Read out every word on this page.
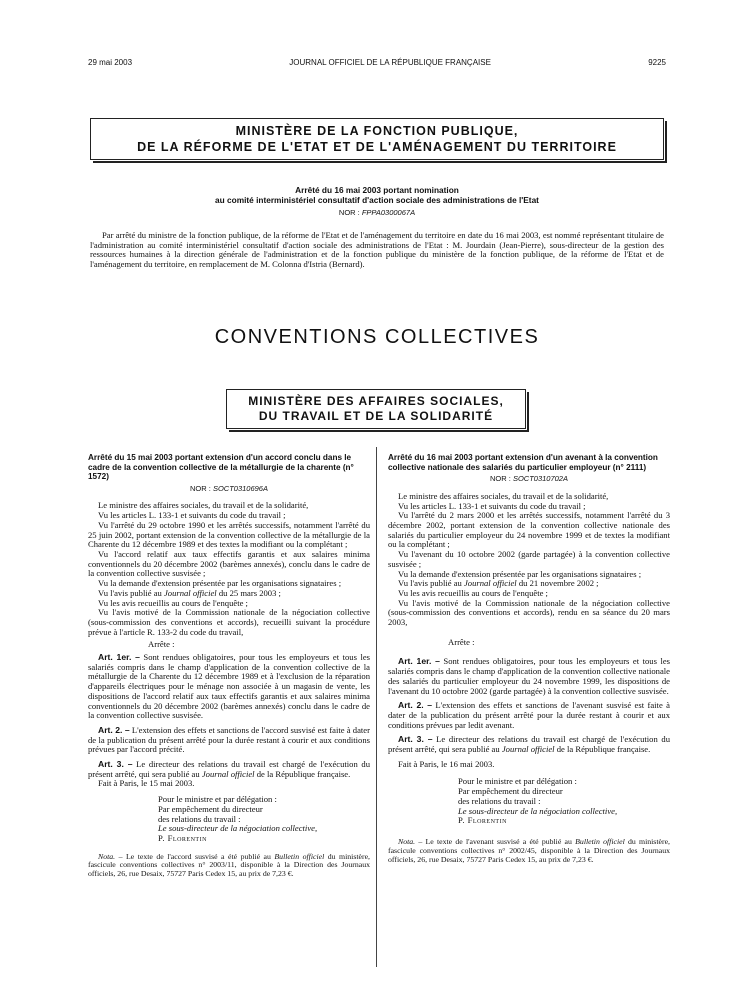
29 mai 2003	JOURNAL OFFICIEL DE LA RÉPUBLIQUE FRANÇAISE	9225
MINISTÈRE DE LA FONCTION PUBLIQUE,
DE LA RÉFORME DE L'ETAT ET DE L'AMÉNAGEMENT DU TERRITOIRE
Arrêté du 16 mai 2003 portant nomination
au comité interministériel consultatif d'action sociale des administrations de l'Etat
NOR : FPPA0300067A

Par arrêté du ministre de la fonction publique, de la réforme de l'Etat et de l'aménagement du territoire en date du 16 mai 2003, est nommé représentant titulaire de l'administration au comité interministériel consultatif d'action sociale des administrations de l'Etat : M. Jourdain (Jean-Pierre), sous-directeur de la gestion des ressources humaines à la direction générale de l'administration et de la fonction publique du ministère de la fonction publique, de la réforme de l'Etat et de l'aménagement du territoire, en remplacement de M. Colonna d'Istria (Bernard).

CONVENTIONS COLLECTIVES
MINISTÈRE DES AFFAIRES SOCIALES,
DU TRAVAIL ET DE LA SOLIDARITÉ
Arrêté du 15 mai 2003 portant extension d'un accord conclu dans le cadre de la convention collective de la métallurgie de la charente (n° 1572)
NOR : SOCT0310696A

Le ministre des affaires sociales, du travail et de la solidarité,

Vu les articles L. 133-1 et suivants du code du travail ;

Vu l'arrêté du 29 octobre 1990 et les arrêtés successifs, notamment l'arrêté du 25 juin 2002, portant extension de la convention collective de la métallurgie de la Charente du 12 décembre 1989 et des textes la modifiant ou la complétant ;

Vu l'accord relatif aux taux effectifs garantis et aux salaires minima conventionnels du 20 décembre 2002 (barèmes annexés), conclu dans le cadre de la convention collective susvisée ;

Vu la demande d'extension présentée par les organisations signataires ;

Vu l'avis publié au Journal officiel du 25 mars 2003 ;

Vu les avis recueillis au cours de l'enquête ;

Vu l'avis motivé de la Commission nationale de la négociation collective (sous-commission des conventions et accords), recueilli suivant la procédure prévue à l'article R. 133-2 du code du travail,

Arrête :

Art. 1er. – Sont rendues obligatoires, pour tous les employeurs et tous les salariés compris dans le champ d'application de la convention collective de la métallurgie de la Charente du 12 décembre 1989 et à l'exclusion de la réparation d'appareils électriques pour le ménage non associée à un magasin de vente, les dispositions de l'accord relatif aux taux effectifs garantis et aux salaires minima conventionnels du 20 décembre 2002 (barèmes annexés) conclu dans le cadre de la convention collective susvisée.

Art. 2. – L'extension des effets et sanctions de l'accord susvisé est faite à dater de la publication du présent arrêté pour la durée restant à courir et aux conditions prévues par l'accord précité.

Art. 3. – Le directeur des relations du travail est chargé de l'exécution du présent arrêté, qui sera publié au Journal officiel de la République française.

Fait à Paris, le 15 mai 2003.

Pour le ministre et par délégation :

Par empêchement du directeur

des relations du travail :

Le sous-directeur de la négociation collective,

P. Florentin

Nota. – Le texte de l'accord susvisé a été publié au Bulletin officiel du ministère, fascicule conventions collectives n° 2003/11, disponible à la Direction des Journaux officiels, 26, rue Desaix, 75727 Paris Cedex 15, au prix de 7,23 €.

Arrêté du 16 mai 2003 portant extension d'un avenant à la convention collective nationale des salariés du particulier employeur (n° 2111)
NOR : SOCT0310702A

Le ministre des affaires sociales, du travail et de la solidarité,

Vu les articles L. 133-1 et suivants du code du travail ;

Vu l'arrêté du 2 mars 2000 et les arrêtés successifs, notamment l'arrêté du 3 décembre 2002, portant extension de la convention collective nationale des salariés du particulier employeur du 24 novembre 1999 et de textes la modifiant ou la complétant ;

Vu l'avenant du 10 octobre 2002 (garde partagée) à la convention collective susvisée ;

Vu la demande d'extension présentée par les organisations signataires ;

Vu l'avis publié au Journal officiel du 21 novembre 2002 ;

Vu les avis recueillis au cours de l'enquête ;

Vu l'avis motivé de la Commission nationale de la négociation collective (sous-commission des conventions et accords), rendu en sa séance du 20 mars 2003,

Arrête :

Art. 1er. – Sont rendues obligatoires, pour tous les employeurs et tous les salariés compris dans le champ d'application de la convention collective nationale des salariés du particulier employeur du 24 novembre 1999, les dispositions de l'avenant du 10 octobre 2002 (garde partagée) à la convention collective susvisée.

Art. 2. – L'extension des effets et sanctions de l'avenant susvisé est faite à dater de la publication du présent arrêté pour la durée restant à courir et aux conditions prévues par ledit avenant.

Art. 3. – Le directeur des relations du travail est chargé de l'exécution du présent arrêté, qui sera publié au Journal officiel de la République française.

Fait à Paris, le 16 mai 2003.

Pour le ministre et par délégation :

Par empêchement du directeur

des relations du travail :

Le sous-directeur de la négociation collective,

P. Florentin

Nota. – Le texte de l'avenant susvisé a été publié au Bulletin officiel du ministère, fascicule conventions collectives n° 2002/45, disponible à la Direction des Journaux officiels, 26, rue Desaix, 75727 Paris Cedex 15, au prix de 7,23 €.
